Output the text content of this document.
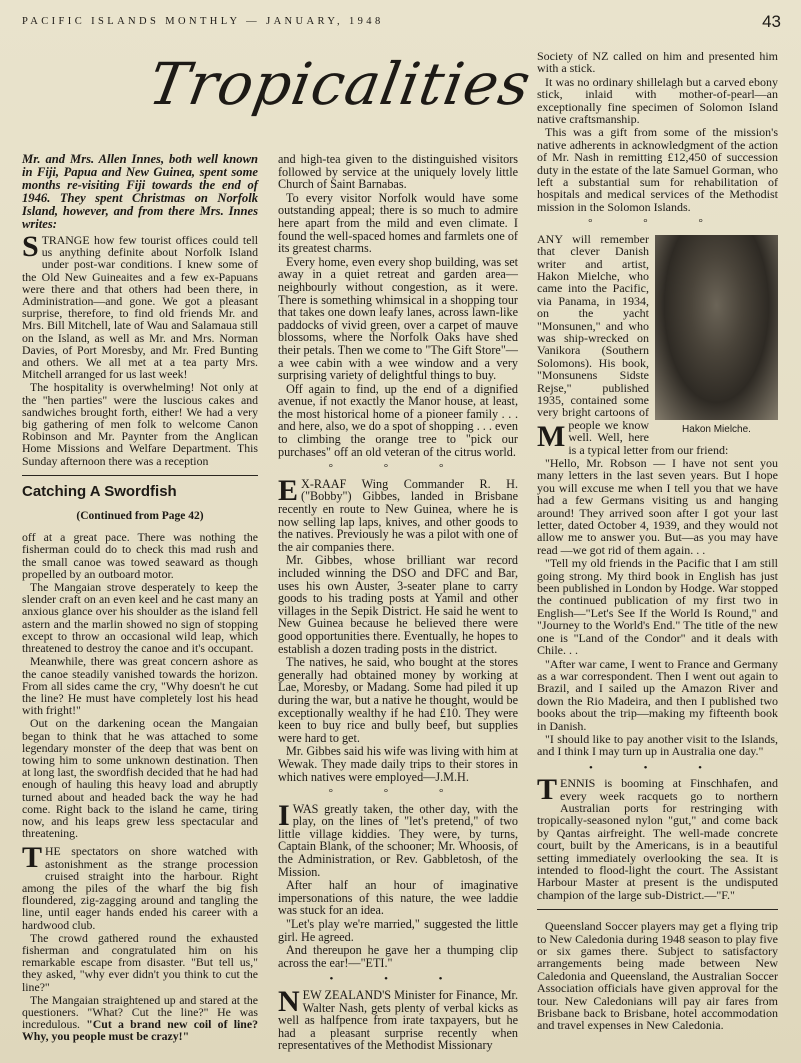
PACIFIC ISLANDS MONTHLY — JANUARY, 1948	43
Tropicalities

Mr. and Mrs. Allen Innes, both well known in Fiji, Papua and New Guinea, spent some months re-visiting Fiji towards the end of 1946. They spent Christmas on Norfolk Island, however, and from there Mrs. Innes writes:

STRANGE how few tourist offices could tell us anything definite about Norfolk Island under post-war conditions. I knew some of the Old New Guineaites and a few ex-Papuans were there and that others had been there, in Administration—and gone. We got a pleasant surprise, therefore, to find old friends Mr. and Mrs. Bill Mitchell, late of Wau and Salamaua still on the Island, as well as Mr. and Mrs. Norman Davies, of Port Moresby, and Mr. Fred Bunting and others. We all met at a tea party Mrs. Mitchell arranged for us last week!

The hospitality is overwhelming! Not only at the "hen parties" were the luscious cakes and sandwiches brought forth, either! We had a very big gathering of men folk to welcome Canon Robinson and Mr. Paynter from the Anglican Home Missions and Welfare Department. This Sunday afternoon there was a reception

Catching A Swordfish
(Continued from Page 42)

off at a great pace. There was nothing the fisherman could do to check this mad rush and the small canoe was towed seaward as though propelled by an outboard motor.

The Mangaian strove desperately to keep the slender craft on an even keel and he cast many an anxious glance over his shoulder as the island fell astern and the marlin showed no sign of stopping except to throw an occasional wild leap, which threatened to destroy the canoe and it's occupant.

Meanwhile, there was great concern ashore as the canoe steadily vanished towards the horizon. From all sides came the cry, "Why doesn't he cut the line? He must have completely lost his head with fright!"

Out on the darkening ocean the Mangaian began to think that he was attached to some legendary monster of the deep that was bent on towing him to some unknown destination. Then at long last, the swordfish decided that he had had enough of hauling this heavy load and abruptly turned about and headed back the way he had come. Right back to the island he came, tiring now, and his leaps grew less spectacular and threatening.

THE spectators on shore watched with astonishment as the strange procession cruised straight into the harbour. Right among the piles of the wharf the big fish floundered, zig-zagging around and tangling the line, until eager hands ended his career with a hardwood club.

The crowd gathered round the exhausted fisherman and congratulated him on his remarkable escape from disaster. "But tell us," they asked, "why ever didn't you think to cut the line?"

The Mangaian straightened up and stared at the questioners. "What? Cut the line?" He was incredulous. "Cut a brand new coil of line? Why, you people must be crazy!"

and high-tea given to the distinguished visitors followed by service at the uniquely lovely little Church of Saint Barnabas.

To every visitor Norfolk would have some outstanding appeal; there is so much to admire here apart from the mild and even climate. I found the well-spaced homes and farmlets one of its greatest charms.

Every home, even every shop building, was set away in a quiet retreat and garden area—neighbourly without congestion, as it were. There is something whimsical in a shopping tour that takes one down leafy lanes, across lawn-like paddocks of vivid green, over a carpet of mauve blossoms, where the Norfolk Oaks have shed their petals. Then we come to "The Gift Store"—a wee cabin with a wee window and a very surprising variety of delightful things to buy.

Off again to find, up the end of a dignified avenue, if not exactly the Manor house, at least, the most historical home of a pioneer family . . . and here, also, we do a spot of shopping . . . even to climbing the orange tree to "pick our purchases" off an old veteran of the citrus world.

° ° °

E X-RAAF Wing Commander R. H. ("Bobby") Gibbes, landed in Brisbane recently en route to New Guinea, where he is now selling lap laps, knives, and other goods to the natives. Previously he was a pilot with one of the air companies there.

Mr. Gibbes, whose brilliant war record included winning the DSO and DFC and Bar, uses his own Auster, 3-seater plane to carry goods to his trading posts at Yamil and other villages in the Sepik District. He said he went to New Guinea because he believed there were good opportunities there. Eventually, he hopes to establish a dozen trading posts in the district.

The natives, he said, who bought at the stores generally had obtained money by working at Lae, Moresby, or Madang. Some had piled it up during the war, but a native he thought, would be exceptionally wealthy if he had £10. They were keen to buy rice and bully beef, but supplies were hard to get.

Mr. Gibbes said his wife was living with him at Wewak. They made daily trips to their stores in which natives were employed—J.M.H.

° ° °

IWAS greatly taken, the other day, with the play, on the lines of "let's pretend," of two little village kiddies. They were, by turns, Captain Blank, of the schooner; Mr. Whoosis, of the Administration, or Rev. Gabbletosh, of the Mission.

After half an hour of imaginative impersonations of this nature, the wee laddie was stuck for an idea.

"Let's play we're married," suggested the little girl. He agreed.

And thereupon he gave her a thumping clip across the ear!—"ETI."

• • •

NEW ZEALAND'S Minister for Finance, Mr. Walter Nash, gets plenty of verbal kicks as well as halfpence from irate taxpayers, but he had a pleasant surprise recently when representatives of the Methodist Missionary

Society of NZ called on him and presented him with a stick.

It was no ordinary shillelagh but a carved ebony stick, inlaid with mother-of-pearl—an exceptionally fine specimen of Solomon Island native craftsmanship.

This was a gift from some of the mission's native adherents in acknowledgment of the action of Mr. Nash in remitting £12,450 of succession duty in the estate of the late Samuel Gorman, who left a substantial sum for rehabilitation of hospitals and medical services of the Methodist mission in the Solomon Islands.

° ° °
Hakon Mielche.

M
ANY will remember that clever Danish writer and artist, Hakon Mielche, who came into the Pacific, via Panama, in 1934, on the yacht "Monsunen," and who was ship-wrecked on Vanikora (Southern Solomons). His book, "Monsunens Sidste Rejse," published 1935, contained some very bright cartoons of people we know well. Well, here is a typical letter from our friend:

"Hello, Mr. Robson — I have not sent you many letters in the last seven years. But I hope you will excuse me when I tell you that we have had a few Germans visiting us and hanging around! They arrived soon after I got your last letter, dated October 4, 1939, and they would not allow me to answer you. But—as you may have read —we got rid of them again. . .

"Tell my old friends in the Pacific that I am still going strong. My third book in English has just been published in London by Hodge. War stopped the continued publication of my first two in English—"Let's See If the World Is Round," and "Journey to the World's End." The title of the new one is "Land of the Condor" and it deals with Chile. . .

"After war came, I went to France and Germany as a war correspondent. Then I went out again to Brazil, and I sailed up the Amazon River and down the Rio Madeira, and then I published two books about the trip—making my fifteenth book in Danish.

"I should like to pay another visit to the Islands, and I think I may turn up in Australia one day."

• • •

TENNIS is booming at Finschhafen, and every week racquets go to northern Australian ports for restringing with tropically-seasoned nylon "gut," and come back by Qantas airfreight. The well-made concrete court, built by the Americans, is in a beautiful setting immediately overlooking the sea. It is intended to flood-light the court. The Assistant Harbour Master at present is the undisputed champion of the large sub-District.—"F."

Queensland Soccer players may get a flying trip to New Caledonia during 1948 season to play five or six games there. Subject to satisfactory arrangements being made between New Caledonia and Queensland, the Australian Soccer Association officials have given approval for the tour. New Caledonians will pay air fares from Brisbane back to Brisbane, hotel accommodation and travel expenses in New Caledonia.
